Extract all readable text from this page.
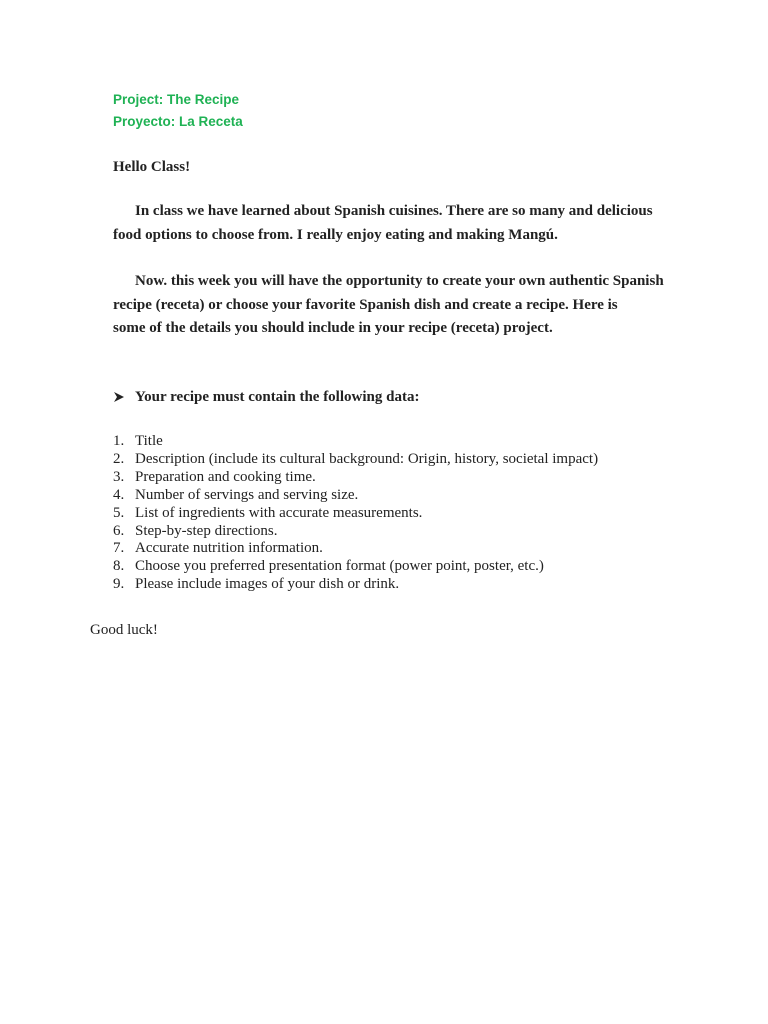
Project: The Recipe
Proyecto: La Receta
Hello Class!
In class we have learned about Spanish cuisines. There are so many and delicious
food options to choose from. I really enjoy eating and making Mangú.
Now. this week you will have the opportunity to create your own authentic Spanish
recipe (receta) or choose your favorite Spanish dish and create a recipe. Here is
some of the details you should include in your recipe (receta) project.
Your recipe must contain the following data:
1. Title
2. Description (include its cultural background: Origin, history, societal impact)
3. Preparation and cooking time.
4. Number of servings and serving size.
5. List of ingredients with accurate measurements.
6. Step-by-step directions.
7. Accurate nutrition information.
8. Choose you preferred presentation format (power point, poster, etc.)
9. Please include images of your dish or drink.
Good luck!
